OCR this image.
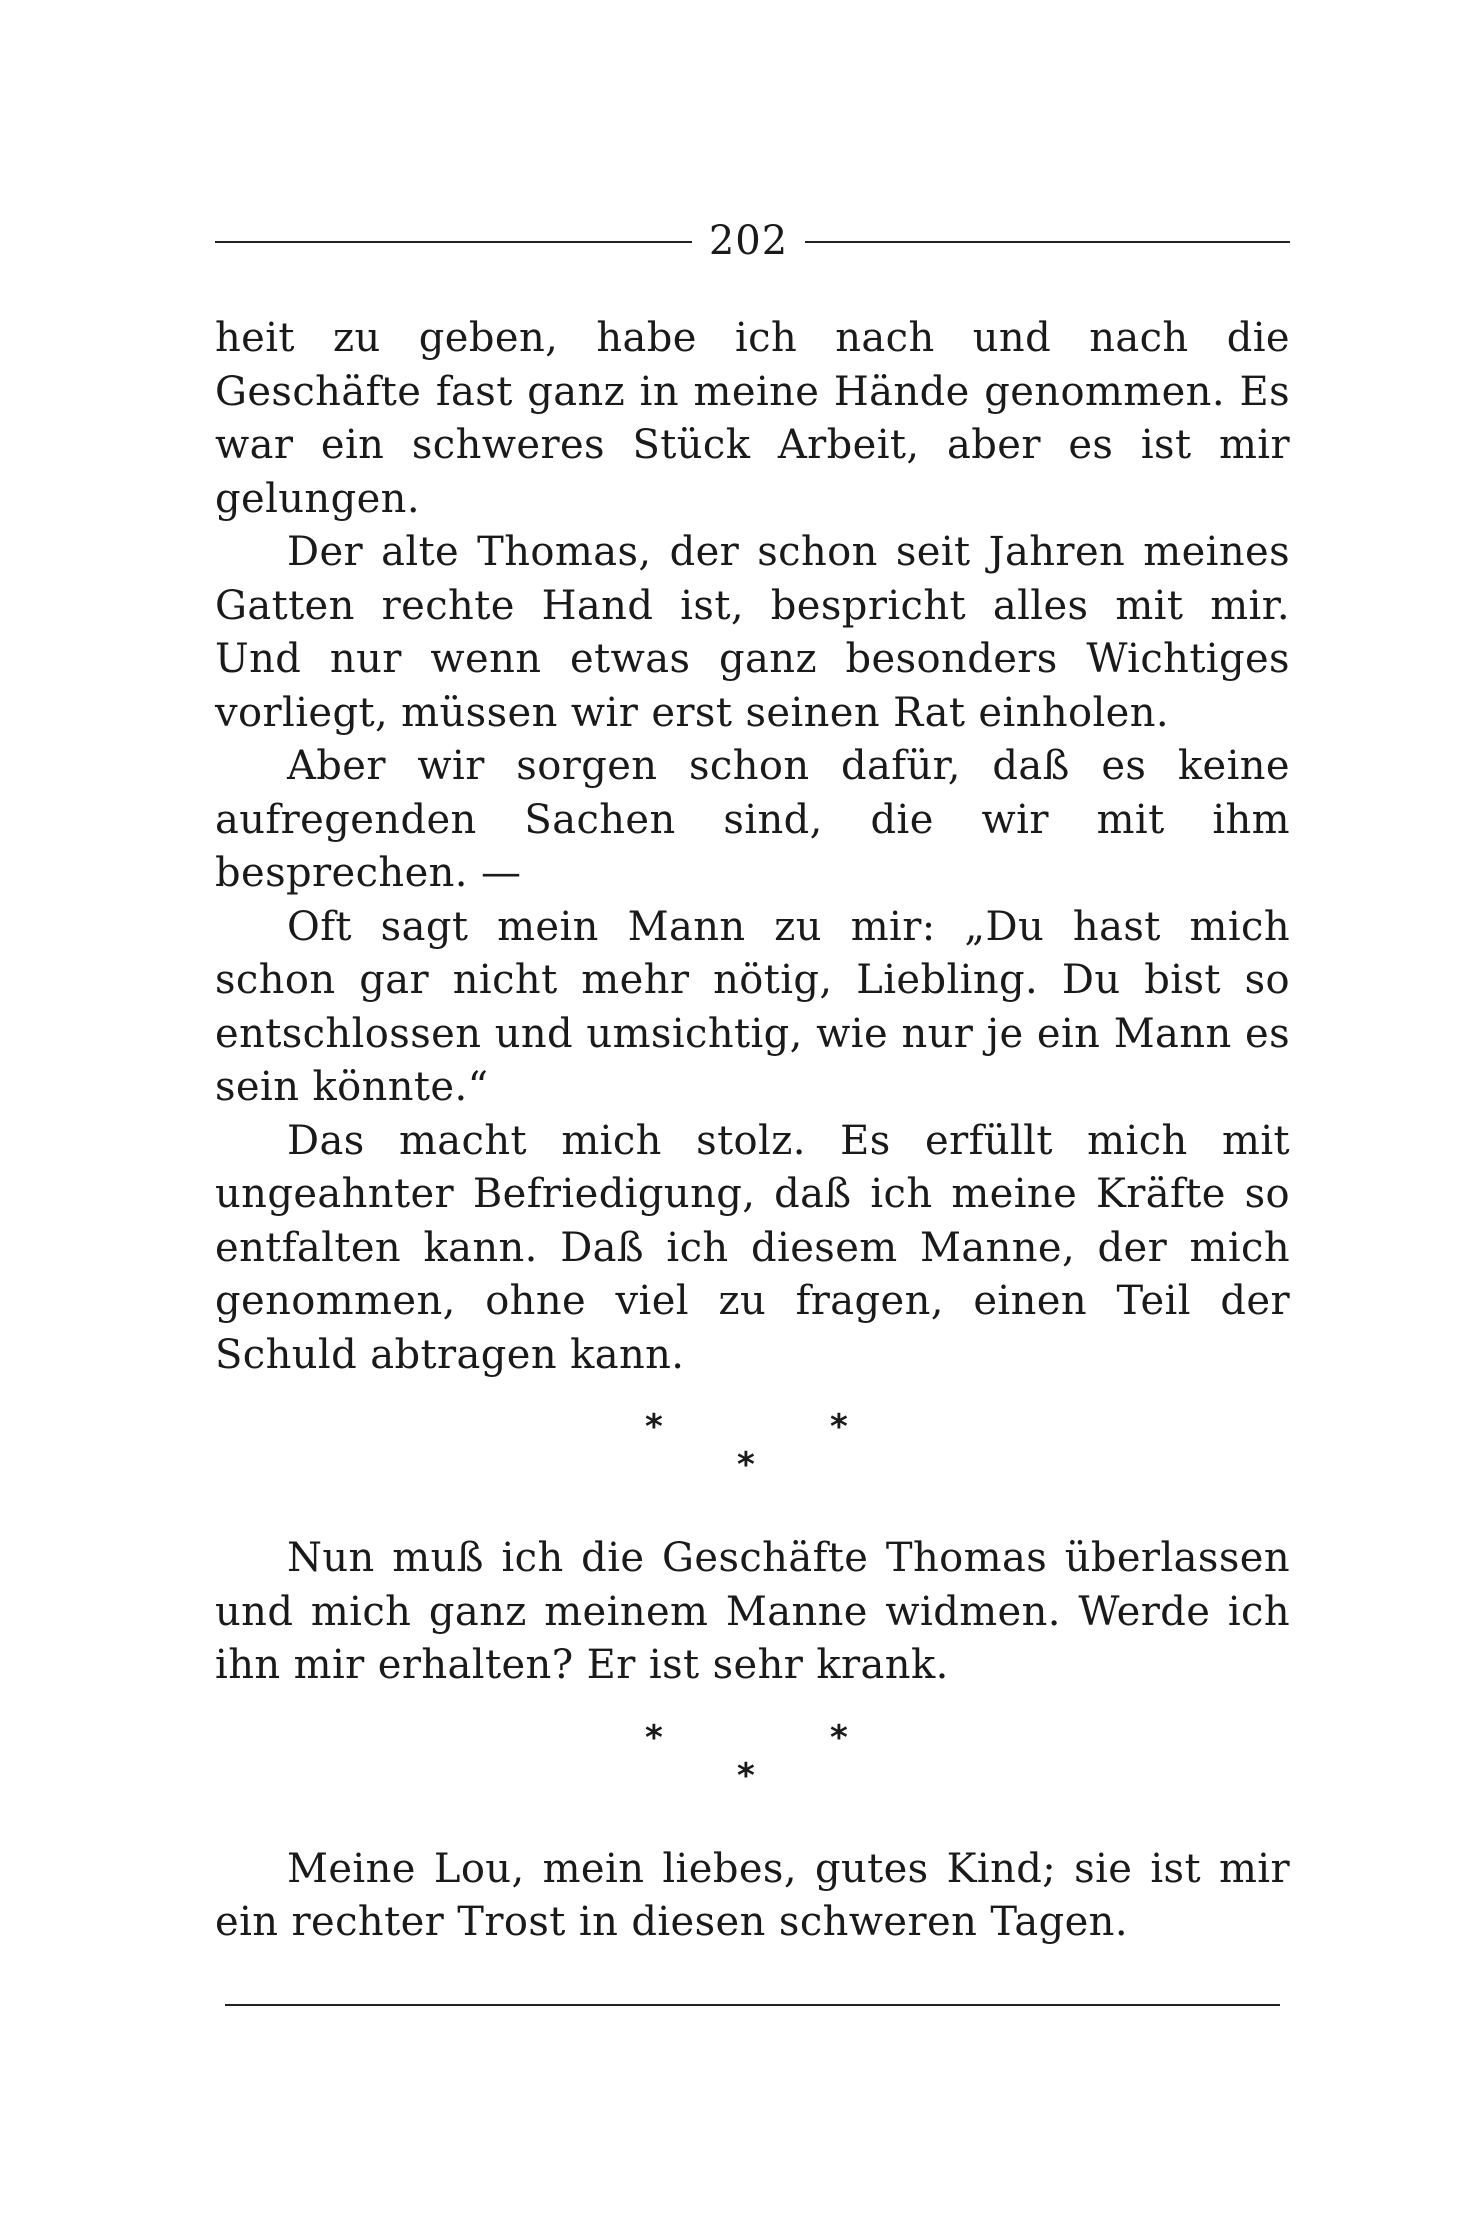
202

heit zu geben, habe ich nach und nach die Geschäfte fast ganz in meine Hände genommen. Es war ein schweres Stück Arbeit, aber es ist mir gelungen.

Der alte Thomas, der schon seit Jahren meines Gatten rechte Hand ist, bespricht alles mit mir. Und nur wenn etwas ganz besonders Wichtiges vorliegt, müssen wir erst seinen Rat einholen.

Aber wir sorgen schon dafür, daß es keine aufregenden Sachen sind, die wir mit ihm besprechen. —

Oft sagt mein Mann zu mir: „Du hast mich schon gar nicht mehr nötig, Liebling. Du bist so entschlossen und umsichtig, wie nur je ein Mann es sein könnte.“

Das macht mich stolz. Es erfüllt mich mit ungeahnter Befriedigung, daß ich meine Kräfte so entfalten kann. Daß ich diesem Manne, der mich genommen, ohne viel zu fragen, einen Teil der Schuld abtragen kann.

*	*
*

Nun muß ich die Geschäfte Thomas überlassen und mich ganz meinem Manne widmen. Werde ich ihn mir erhalten? Er ist sehr krank.

*	*
*

Meine Lou, mein liebes, gutes Kind; sie ist mir ein rechter Trost in diesen schweren Tagen.
